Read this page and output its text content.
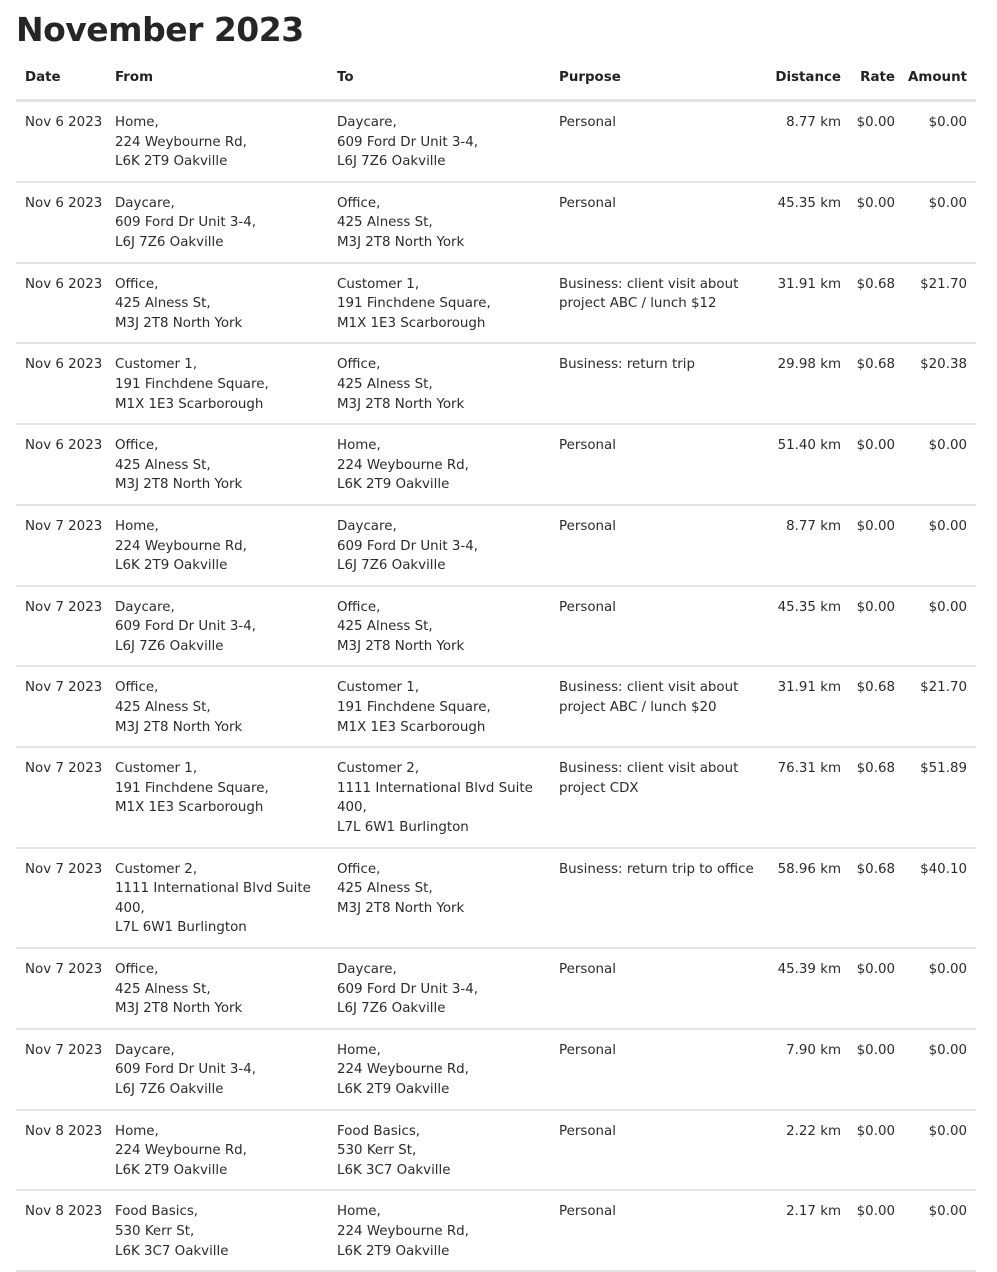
November 2023
Date	From	To	Purpose	Distance	Rate	Amount
Nov 6 2023	Home,
224 Weybourne Rd,
L6K 2T9 Oakville	Daycare,
609 Ford Dr Unit 3-4,
L6J 7Z6 Oakville	Personal	8.77 km	$0.00	$0.00
Nov 6 2023	Daycare,
609 Ford Dr Unit 3-4,
L6J 7Z6 Oakville	Office,
425 Alness St,
M3J 2T8 North York	Personal	45.35 km	$0.00	$0.00
Nov 6 2023	Office,
425 Alness St,
M3J 2T8 North York	Customer 1,
191 Finchdene Square,
M1X 1E3 Scarborough	Business: client visit about project ABC / lunch $12	31.91 km	$0.68	$21.70
Nov 6 2023	Customer 1,
191 Finchdene Square,
M1X 1E3 Scarborough	Office,
425 Alness St,
M3J 2T8 North York	Business: return trip	29.98 km	$0.68	$20.38
Nov 6 2023	Office,
425 Alness St,
M3J 2T8 North York	Home,
224 Weybourne Rd,
L6K 2T9 Oakville	Personal	51.40 km	$0.00	$0.00
Nov 7 2023	Home,
224 Weybourne Rd,
L6K 2T9 Oakville	Daycare,
609 Ford Dr Unit 3-4,
L6J 7Z6 Oakville	Personal	8.77 km	$0.00	$0.00
Nov 7 2023	Daycare,
609 Ford Dr Unit 3-4,
L6J 7Z6 Oakville	Office,
425 Alness St,
M3J 2T8 North York	Personal	45.35 km	$0.00	$0.00
Nov 7 2023	Office,
425 Alness St,
M3J 2T8 North York	Customer 1,
191 Finchdene Square,
M1X 1E3 Scarborough	Business: client visit about project ABC / lunch $20	31.91 km	$0.68	$21.70
Nov 7 2023	Customer 1,
191 Finchdene Square,
M1X 1E3 Scarborough	Customer 2,
1111 International Blvd Suite 400,
L7L 6W1 Burlington	Business: client visit about project CDX	76.31 km	$0.68	$51.89
Nov 7 2023	Customer 2,
1111 International Blvd Suite 400,
L7L 6W1 Burlington	Office,
425 Alness St,
M3J 2T8 North York	Business: return trip to office	58.96 km	$0.68	$40.10
Nov 7 2023	Office,
425 Alness St,
M3J 2T8 North York	Daycare,
609 Ford Dr Unit 3-4,
L6J 7Z6 Oakville	Personal	45.39 km	$0.00	$0.00
Nov 7 2023	Daycare,
609 Ford Dr Unit 3-4,
L6J 7Z6 Oakville	Home,
224 Weybourne Rd,
L6K 2T9 Oakville	Personal	7.90 km	$0.00	$0.00
Nov 8 2023	Home,
224 Weybourne Rd,
L6K 2T9 Oakville	Food Basics,
530 Kerr St,
L6K 3C7 Oakville	Personal	2.22 km	$0.00	$0.00
Nov 8 2023	Food Basics,
530 Kerr St,
L6K 3C7 Oakville	Home,
224 Weybourne Rd,
L6K 2T9 Oakville	Personal	2.17 km	$0.00	$0.00
